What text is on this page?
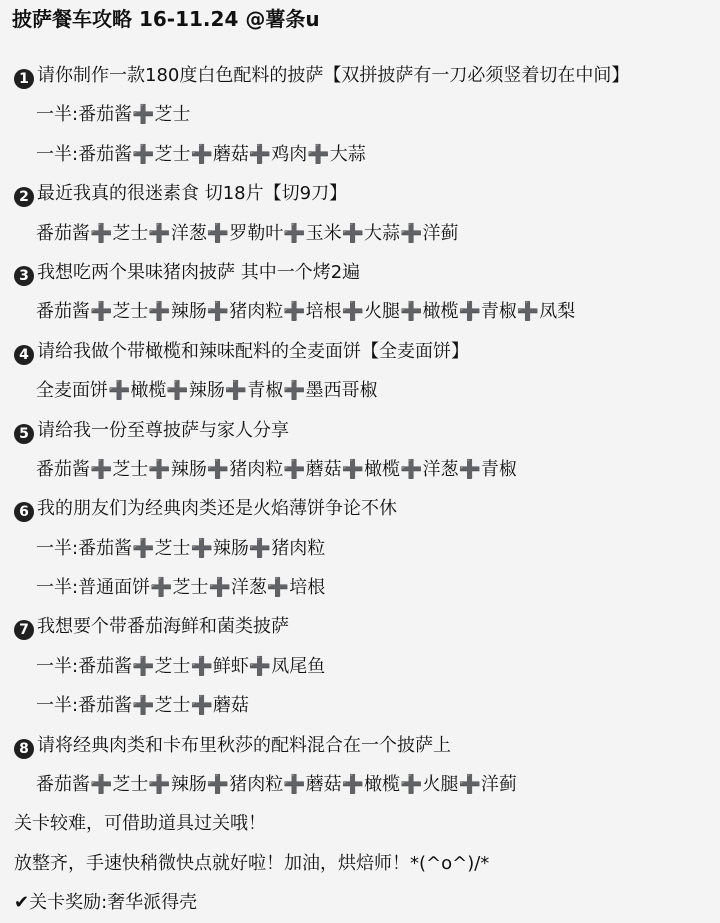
披萨餐车攻略 16-11.24 @薯条u
1 请你制作一款180度白色配料的披萨【双拼披萨有一刀必须竖着切在中间】
一半:番茄酱➕芝士
一半:番茄酱➕芝士➕蘑菇➕鸡肉➕大蒜
2 最近我真的很迷素食 切18片【切9刀】
番茄酱➕芝士➕洋葱➕罗勒叶➕玉米➕大蒜➕洋蓟
3 我想吃两个果味猪肉披萨 其中一个烤2遍
番茄酱➕芝士➕辣肠➕猪肉粒➕培根➕火腿➕橄榄➕青椒➕凤梨
4 请给我做个带橄榄和辣味配料的全麦面饼【全麦面饼】
全麦面饼➕橄榄➕辣肠➕青椒➕墨西哥椒
5 请给我一份至尊披萨与家人分享
番茄酱➕芝士➕辣肠➕猪肉粒➕蘑菇➕橄榄➕洋葱➕青椒
6 我的朋友们为经典肉类还是火焰薄饼争论不休
一半:番茄酱➕芝士➕辣肠➕猪肉粒
一半:普通面饼➕芝士➕洋葱➕培根
7 我想要个带番茄海鲜和菌类披萨
一半:番茄酱➕芝士➕鲜虾➕凤尾鱼
一半:番茄酱➕芝士➕蘑菇
8 请将经典肉类和卡布里秋莎的配料混合在一个披萨上
番茄酱➕芝士➕辣肠➕猪肉粒➕蘑菇➕橄榄➕火腿➕洋蓟
关卡较难，可借助道具过关哦！
放整齐，手速快稍微快点就好啦！加油，烘焙师！*(^o^)/*
✔关卡奖励:奢华派得壳
